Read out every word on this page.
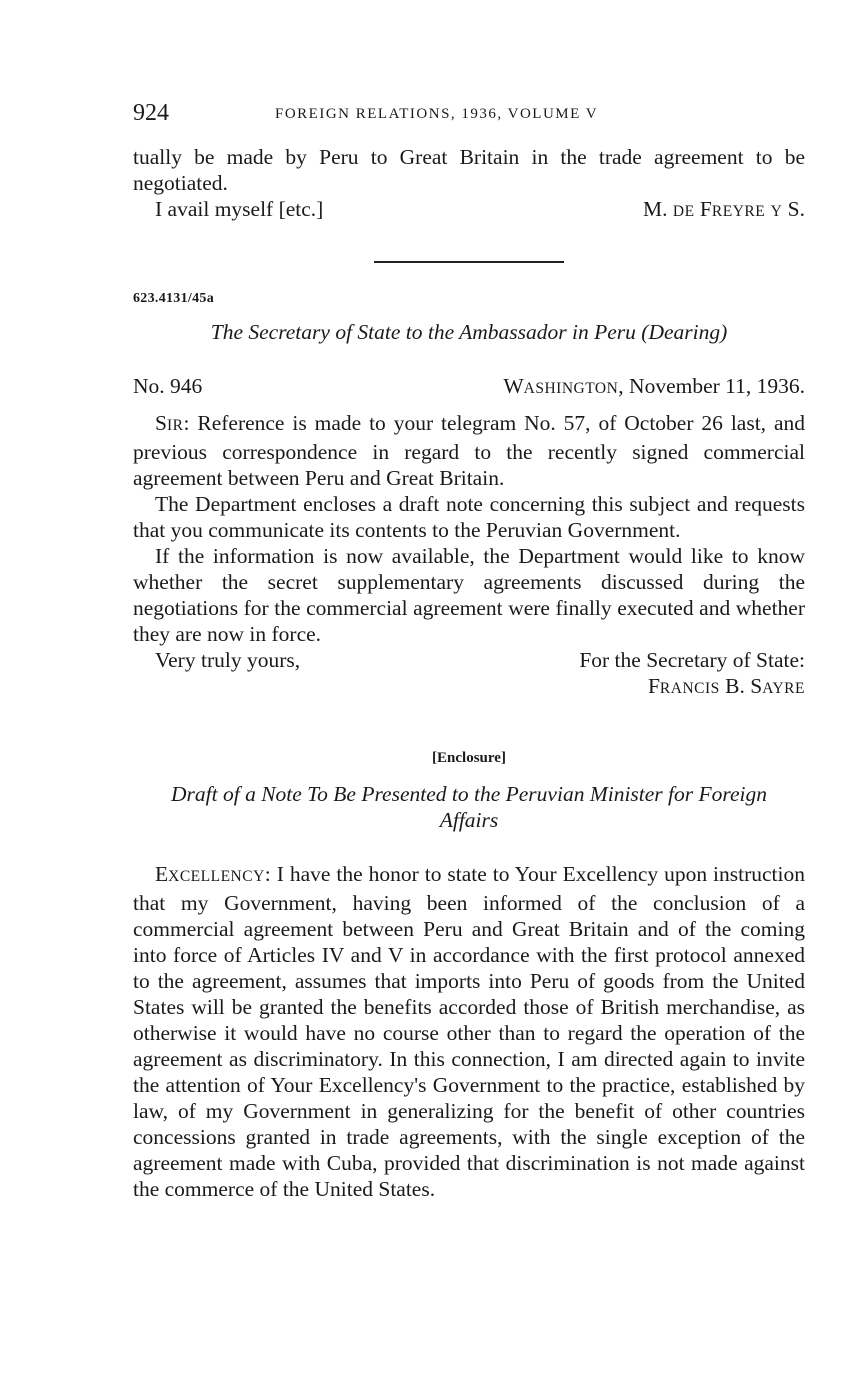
924	FOREIGN RELATIONS, 1936, VOLUME V

tually be made by Peru to Great Britain in the trade agreement to be negotiated.

I avail myself [etc.]	M. DE FREYRE Y S.
623.4131/45a
The Secretary of State to the Ambassador in Peru (Dearing)
No. 946	WASHINGTON, November 11, 1936.

SIR: Reference is made to your telegram No. 57, of October 26 last, and previous correspondence in regard to the recently signed commercial agreement between Peru and Great Britain.

The Department encloses a draft note concerning this subject and requests that you communicate its contents to the Peruvian Government.

If the information is now available, the Department would like to know whether the secret supplementary agreements discussed during the negotiations for the commercial agreement were finally executed and whether they are now in force.

Very truly yours,	For the Secretary of State:
FRANCIS B. SAYRE
[Enclosure]
Draft of a Note To Be Presented to the Peruvian Minister for Foreign Affairs

EXCELLENCY: I have the honor to state to Your Excellency upon instruction that my Government, having been informed of the conclusion of a commercial agreement between Peru and Great Britain and of the coming into force of Articles IV and V in accordance with the first protocol annexed to the agreement, assumes that imports into Peru of goods from the United States will be granted the benefits accorded those of British merchandise, as otherwise it would have no course other than to regard the operation of the agreement as discriminatory. In this connection, I am directed again to invite the attention of Your Excellency's Government to the practice, established by law, of my Government in generalizing for the benefit of other countries concessions granted in trade agreements, with the single exception of the agreement made with Cuba, provided that discrimination is not made against the commerce of the United States.
